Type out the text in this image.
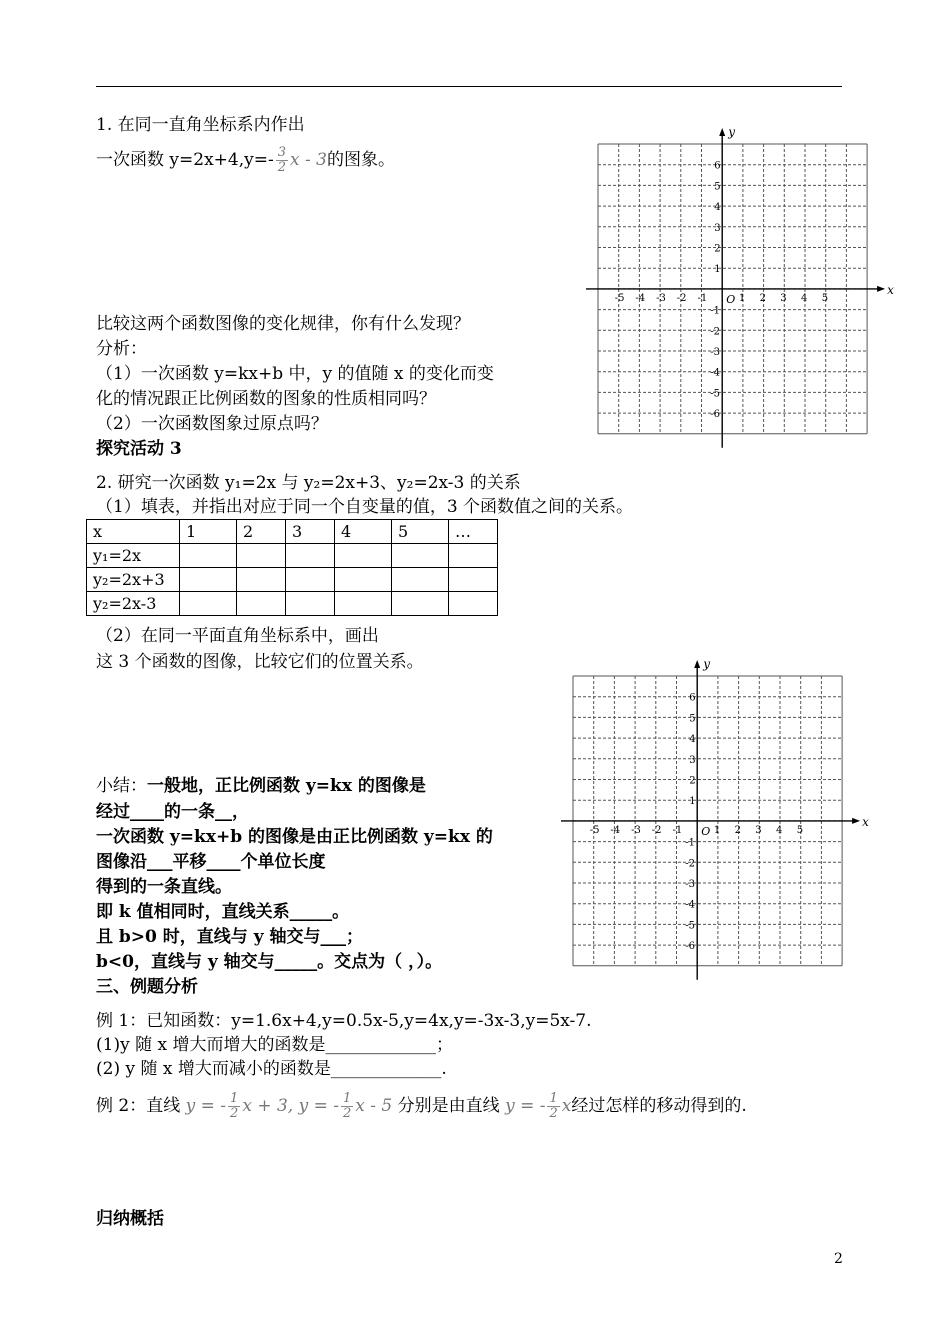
1. 在同一直角坐标系内作出
一次函数 $y=2x+4,y=- \frac{3}{2}$ x - 3的图象。
比较这两个函数图像的变化规律，你有什么发现？
分析：
（1）一次函数 y=kx+b 中，y 的值随 x 的变化而变
化的情况跟正比例函数的图象的性质相同吗？
（2）一次函数图象过原点吗？
探究活动 3
2. 研究一次函数 y₁=2x 与 y₂=2x+3、y₂=2x-3 的关系
（1）填表，并指出对应于同一个自变量的值，3 个函数值之间的关系。
x	1	2	3	4	5	…
y₁=2x						
y₂=2x+3						
y₂=2x-3						
（2）在同一平面直角坐标系中，画出
这 3 个函数的图像，比较它们的位置关系。
小结：一般地，正比例函数 y=kx 的图像是
经过____的一条__，
一次函数 y=kx+b 的图像是由正比例函数 y=kx 的
图像沿___平移____个单位长度
得到的一条直线。
即 k 值相同时，直线关系_____。
且 b>0 时，直线与 y 轴交与___；
b<0，直线与 y 轴交与_____。交点为（ ，）。
三、例题分析
例 1：已知函数：y=1.6x+4,y=0.5x-5,y=4x,y=-3x-3,y=5x-7.
(1)y 随 x 增大而增大的函数是_____________；
(2) y 随 x 增大而减小的函数是_____________.
例 2：直线 y = - $\frac{1}{2}$ x + 3, y = - $\frac{1}{2}$ x - 5 分别是由直线 y = - $\frac{1}{2}$ x经过怎样的移动得到的.
归纳概括
2
x
y
O
-5 -4 -3 -2 -1	1 2 3 4 5
6
5
4
3
2
1
-1
-2
-3
-4
-5
-6
x
y
O
-5 -4 -3 -2 -1	1 2 3 4 5
6
5
4
3
2
1
-1
-2
-3
-4
-5
-6
